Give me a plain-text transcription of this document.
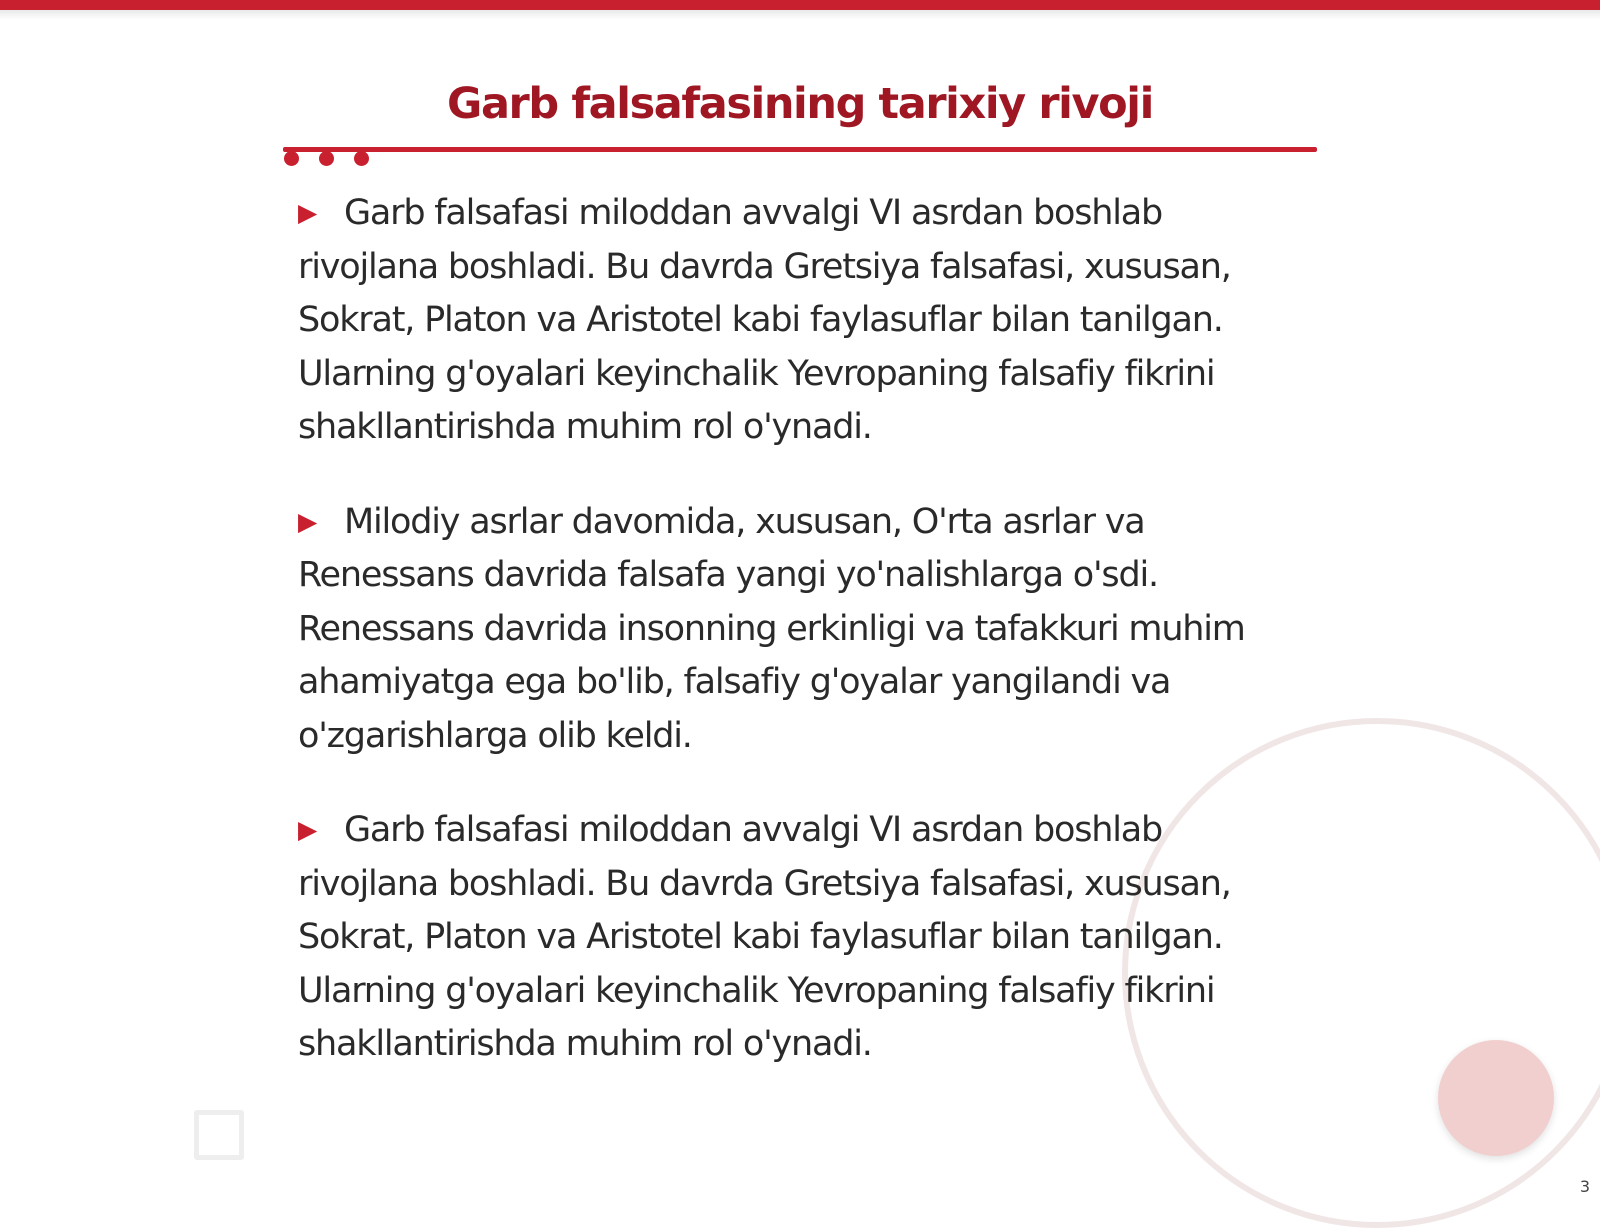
Garb falsafasining tarixiy rivoji

▶ Garb falsafasi miloddan avvalgi VI asrdan boshlab rivojlana boshladi. Bu davrda Gretsiya falsafasi, xususan, Sokrat, Platon va Aristotel kabi faylasuflar bilan tanilgan. Ularning g'oyalari keyinchalik Yevropaning falsafiy fikrini shakllantirishda muhim rol o'ynadi.

▶ Milodiy asrlar davomida, xususan, O'rta asrlar va Renessans davrida falsafa yangi yo'nalishlarga o'sdi. Renessans davrida insonning erkinligi va tafakkuri muhim ahamiyatga ega bo'lib, falsafiy g'oyalar yangilandi va o'zgarishlarga olib keldi.

▶ Garb falsafasi miloddan avvalgi VI asrdan boshlab rivojlana boshladi. Bu davrda Gretsiya falsafasi, xususan, Sokrat, Platon va Aristotel kabi faylasuflar bilan tanilgan. Ularning g'oyalari keyinchalik Yevropaning falsafiy fikrini shakllantirishda muhim rol o'ynadi.

3
